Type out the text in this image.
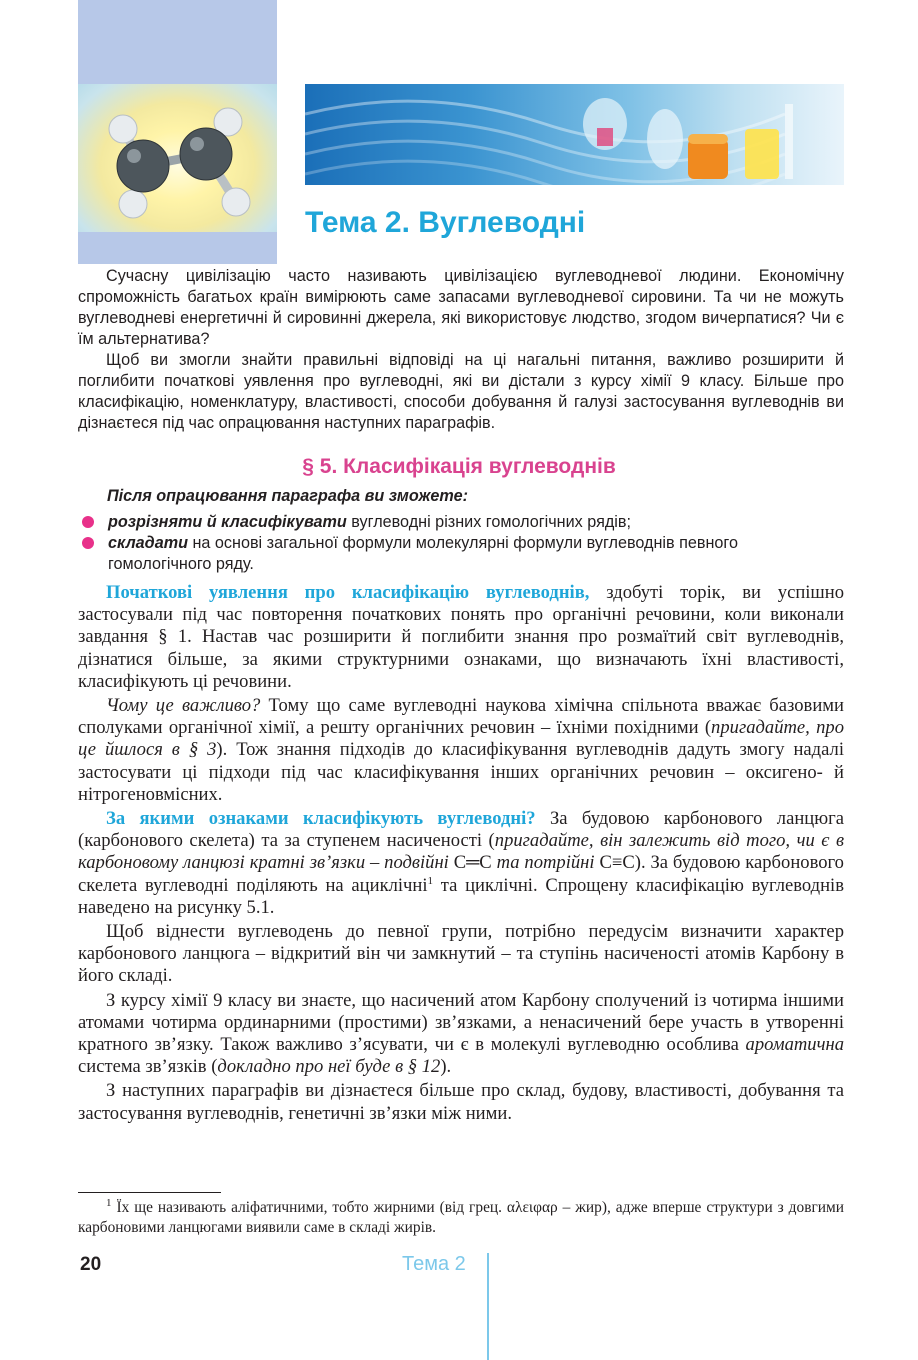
Тема 2. Вуглеводні

Сучасну цивілізацію часто називають цивілізацією вуглеводневої людини. Економічну спроможність багатьох країн вимірюють саме запасами вуглеводневої сировини. Та чи не можуть вуглеводневі енергетичні й сировинні джерела, які використовує людство, згодом вичерпатися? Чи є їм альтернатива?

Щоб ви змогли знайти правильні відповіді на ці нагальні питання, важливо розширити й поглибити початкові уявлення про вуглеводні, які ви дістали з курсу хімії 9 класу. Більше про класифікацію, номенклатуру, властивості, способи добування й галузі застосування вуглеводнів ви дізнаєтеся під час опрацювання наступних параграфів.

§ 5. Класифікація вуглеводнів

Після опрацювання параграфа ви зможете:

розрізняти й класифікувати вуглеводні різних гомологічних рядів;
складати на основі загальної формули молекулярні формули вуглеводнів певного гомологічного ряду.

Початкові уявлення про класифікацію вуглеводнів, здобуті торік, ви успішно застосували під час повторення початкових понять про органічні речовини, коли виконали завдання § 1. Настав час розширити й поглибити знання про розмаїтий світ вуглеводнів, дізнатися більше, за якими структурними ознаками, що визначають їхні властивості, класифікують ці речовини.

Чому це важливо? Тому що саме вуглеводні наукова хімічна спільнота вважає базовими сполуками органічної хімії, а решту органічних речовин – їхніми похідними (пригадайте, про це йшлося в § 3). Тож знання підходів до класифікування вуглеводнів дадуть змогу надалі застосувати ці підходи під час класифікування інших органічних речовин – оксигено- й нітрогеновмісних.

За якими ознаками класифікують вуглеводні? За будовою карбонового ланцюга (карбонового скелета) та за ступенем насиченості (пригадайте, він залежить від того, чи є в карбоновому ланцюзі кратні зв’язки – подвійні C═C та потрійні C≡C). За будовою карбонового скелета вуглеводні поділяють на ациклічні$^1$ та циклічні. Спрощену класифікацію вуглеводнів наведено на рисунку 5.1.

Щоб віднести вуглеводень до певної групи, потрібно передусім визначити характер карбонового ланцюга – відкритий він чи замкнутий – та ступінь насиченості атомів Карбону в його складі.

З курсу хімії 9 класу ви знаєте, що насичений атом Карбону сполучений із чотирма іншими атомами чотирма ординарними (простими) зв’язками, а ненасичений бере участь в утворенні кратного зв’язку. Також важливо з’ясувати, чи є в молекулі вуглеводню особлива ароматична система зв’язків (докладно про неї буде в § 12).

З наступних параграфів ви дізнаєтеся більше про склад, будову, властивості, добування та застосування вуглеводнів, генетичні зв’язки між ними.

$^1$ Їх ще називають аліфатичними, тобто жирними (від грец. αλειφαρ – жир), адже вперше структури з довгими карбоновими ланцюгами виявили саме в складі жирів.

20	Тема 2
